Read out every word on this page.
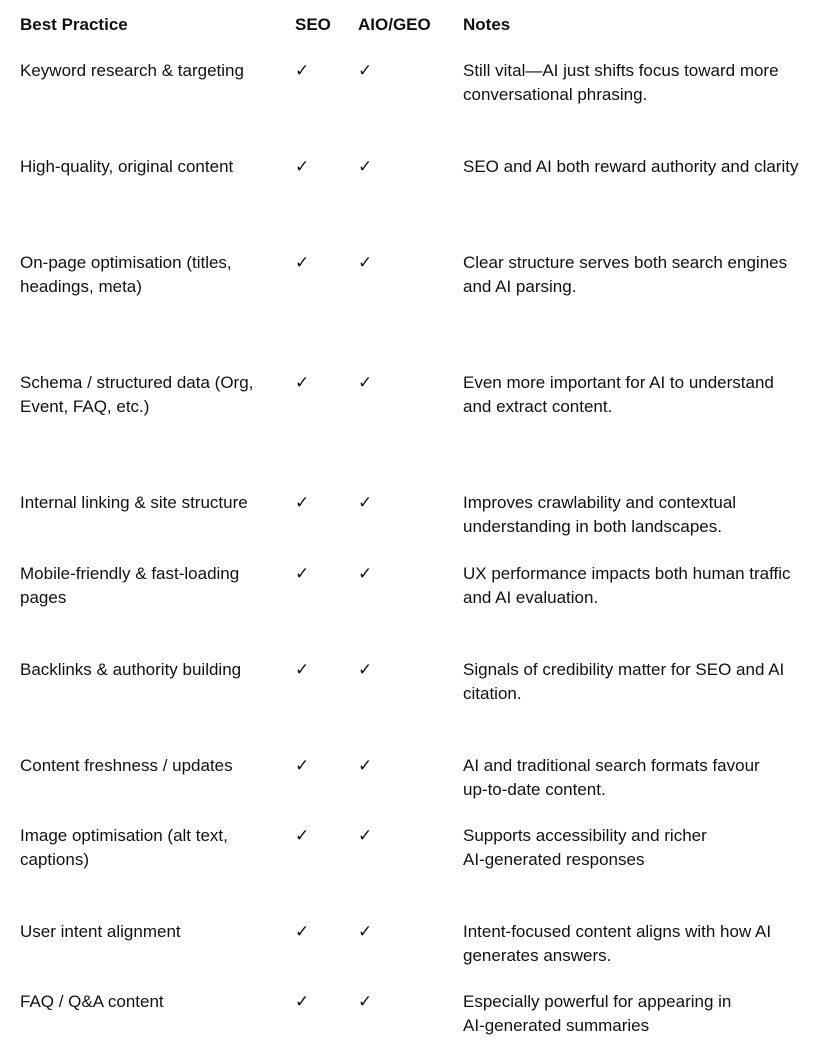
Best Practice	SEO AIO/GEO Notes
Keyword research & targeting	✓	✓	Still vital—AI just shifts focus toward more
conversational phrasing.
High-quality, original content	✓	✓	SEO and AI both reward authority and clarity
On-page optimisation (titles,
headings, meta)
✓	✓	Clear structure serves both search engines
and AI parsing.
Schema / structured data (Org,
Event, FAQ, etc.)
✓	✓	Even more important for AI to understand
and extract content.
Internal linking & site structure	✓	✓	Improves crawlability and contextual
understanding in both landscapes.
Mobile-friendly & fast-loading
pages
✓	✓	UX performance impacts both human traffic
and AI evaluation.
Backlinks & authority building	✓	✓	Signals of credibility matter for SEO and AI
citation.
Content freshness / updates	✓	✓	AI and traditional search formats favour
up-to-date content.
Image optimisation (alt text,
captions)
✓	✓	Supports accessibility and richer
AI-generated responses
User intent alignment	✓	✓	Intent-focused content aligns with how AI
generates answers.
FAQ / Q&A content	✓	✓	Especially powerful for appearing in
AI-generated summaries
